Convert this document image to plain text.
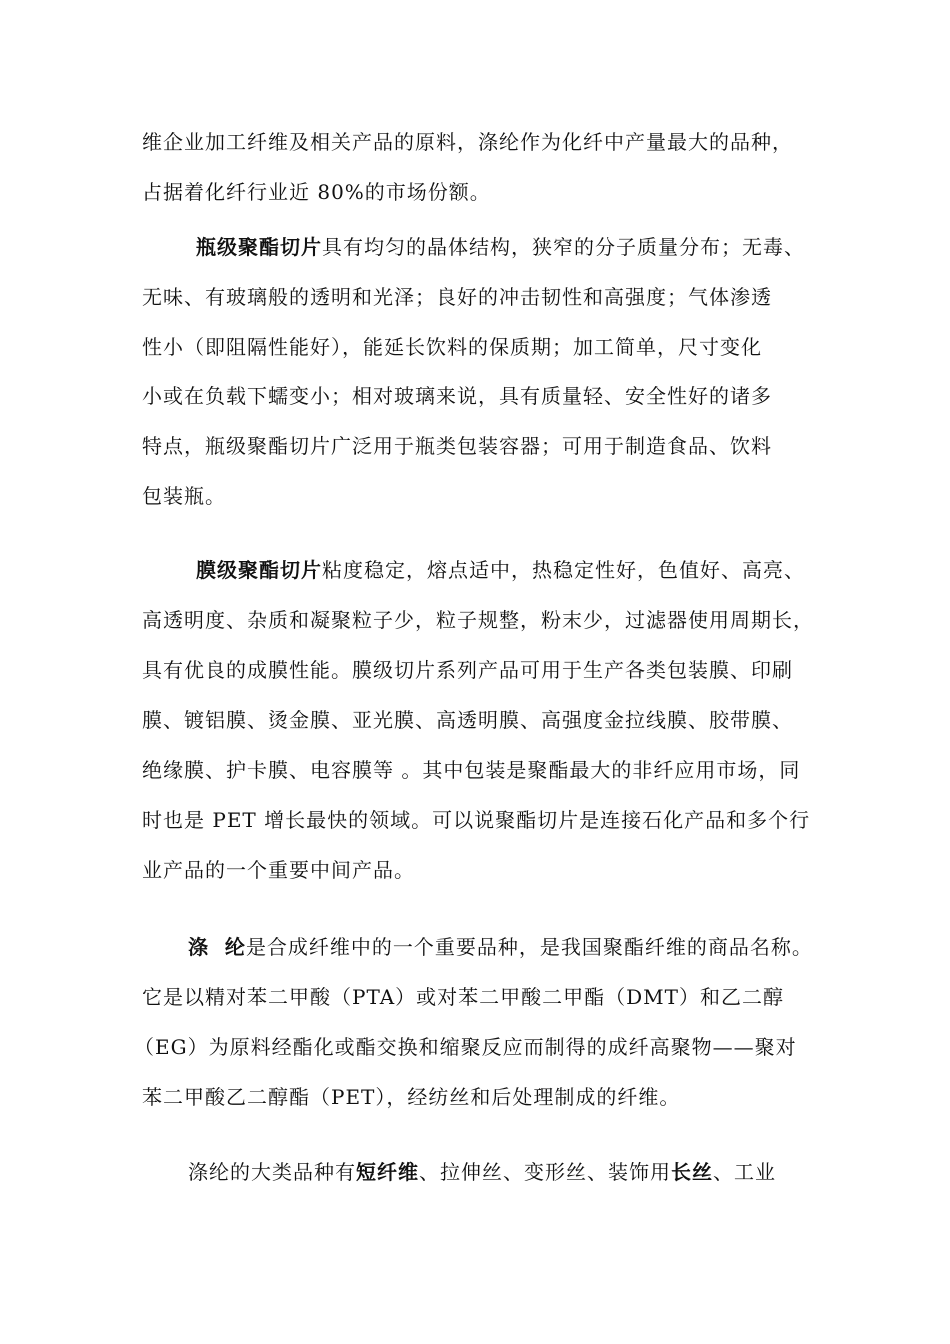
维企业加工纤维及相关产品的原料，涤纶作为化纤中产量最大的品种，
占据着化纤行业近 80%的市场份额。
瓶级聚酯切片具有均匀的晶体结构，狭窄的分子质量分布；无毒、
无味、有玻璃般的透明和光泽；良好的冲击韧性和高强度；气体渗透
性小（即阻隔性能好），能延长饮料的保质期；加工简单，尺寸变化
小或在负载下蠕变小；相对玻璃来说，具有质量轻、安全性好的诸多
特点，瓶级聚酯切片广泛用于瓶类包装容器；可用于制造食品、饮料
包装瓶。
膜级聚酯切片粘度稳定，熔点适中，热稳定性好，色值好、高亮、
高透明度、杂质和凝聚粒子少，粒子规整，粉末少，过滤器使用周期长，
具有优良的成膜性能。膜级切片系列产品可用于生产各类包装膜、印刷
膜、镀铝膜、烫金膜、亚光膜、高透明膜、高强度金拉线膜、胶带膜、
绝缘膜、护卡膜、电容膜等 。其中包装是聚酯最大的非纤应用市场，同
时也是 PET 增长最快的领域。可以说聚酯切片是连接石化产品和多个行
业产品的一个重要中间产品。
涤  纶是合成纤维中的一个重要品种，是我国聚酯纤维的商品名称。
它是以精对苯二甲酸（PTA）或对苯二甲酸二甲酯（DMT）和乙二醇
（EG）为原料经酯化或酯交换和缩聚反应而制得的成纤高聚物——聚对
苯二甲酸乙二醇酯（PET），经纺丝和后处理制成的纤维。
涤纶的大类品种有短纤维、拉伸丝、变形丝、装饰用长丝、工业
